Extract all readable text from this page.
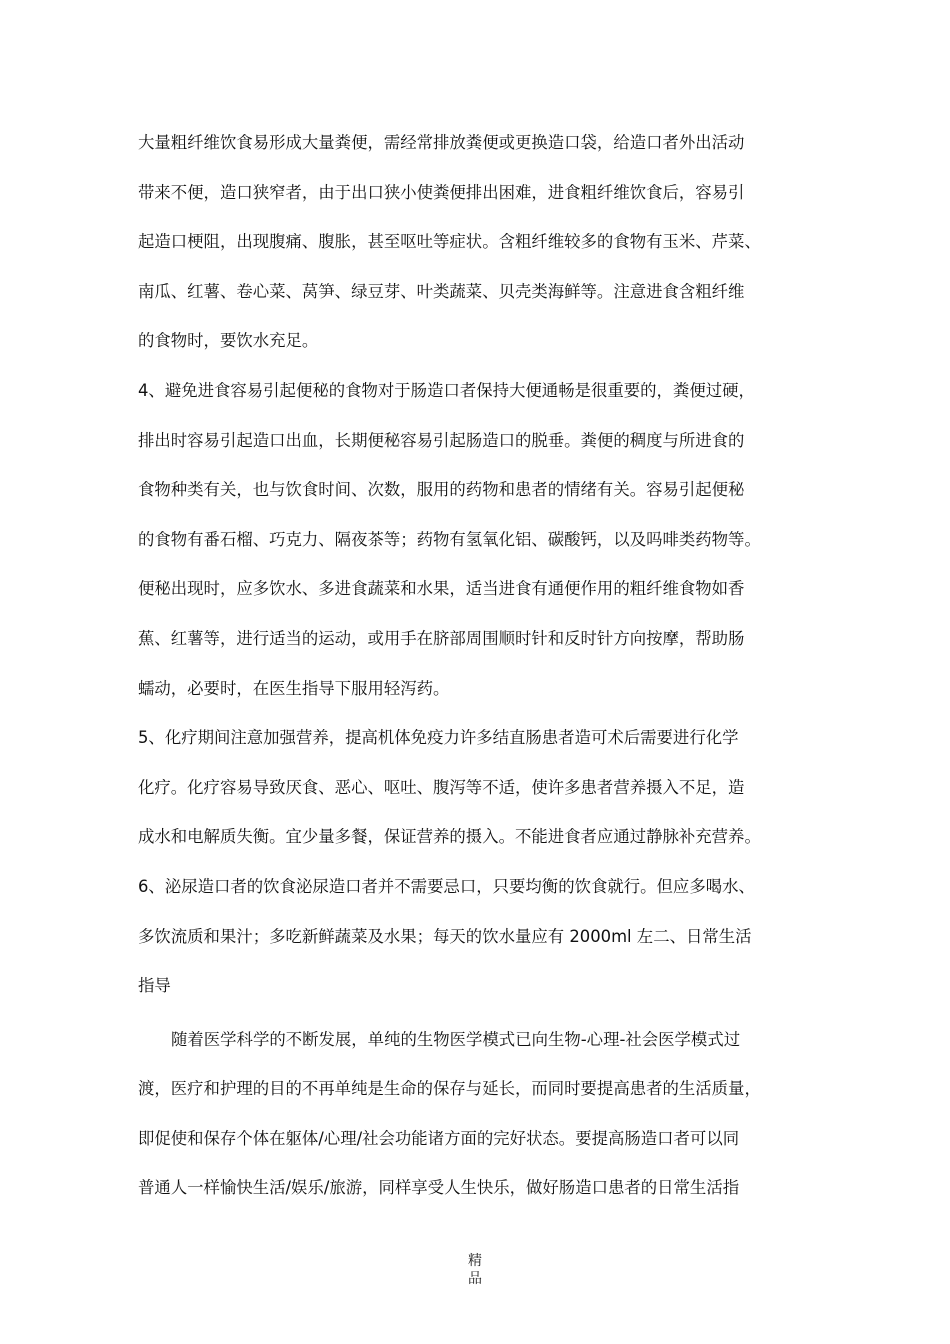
大量粗纤维饮食易形成大量粪便，需经常排放粪便或更换造口袋，给造口者外出活动
带来不便，造口狭窄者，由于出口狭小使粪便排出困难，进食粗纤维饮食后，容易引
起造口梗阻，出现腹痛、腹胀，甚至呕吐等症状。含粗纤维较多的食物有玉米、芹菜、
南瓜、红薯、卷心菜、莴笋、绿豆芽、叶类蔬菜、贝壳类海鲜等。注意进食含粗纤维
的食物时，要饮水充足。
4、避免进食容易引起便秘的食物对于肠造口者保持大便通畅是很重要的，粪便过硬，
排出时容易引起造口出血，长期便秘容易引起肠造口的脱垂。粪便的稠度与所进食的
食物种类有关，也与饮食时间、次数，服用的药物和患者的情绪有关。容易引起便秘
的食物有番石榴、巧克力、隔夜茶等；药物有氢氧化铝、碳酸钙，以及吗啡类药物等。
便秘出现时，应多饮水、多进食蔬菜和水果，适当进食有通便作用的粗纤维食物如香
蕉、红薯等，进行适当的运动，或用手在脐部周围顺时针和反时针方向按摩，帮助肠
蠕动，必要时，在医生指导下服用轻泻药。
5、化疗期间注意加强营养，提高机体免疫力许多结直肠患者造可术后需要进行化学
化疗。化疗容易导致厌食、恶心、呕吐、腹泻等不适，使许多患者营养摄入不足，造
成水和电解质失衡。宜少量多餐，保证营养的摄入。不能进食者应通过静脉补充营养。
6、泌尿造口者的饮食泌尿造口者并不需要忌口，只要均衡的饮食就行。但应多喝水、
多饮流质和果汁；多吃新鲜蔬菜及水果；每天的饮水量应有 2000ml 左二、日常生活
指导
随着医学科学的不断发展，单纯的生物医学模式已向生物-心理-社会医学模式过
渡，医疗和护理的目的不再单纯是生命的保存与延长，而同时要提高患者的生活质量，
即促使和保存个体在躯体/心理/社会功能诸方面的完好状态。要提高肠造口者可以同
普通人一样愉快生活/娱乐/旅游，同样享受人生快乐，做好肠造口患者的日常生活指
精
品
